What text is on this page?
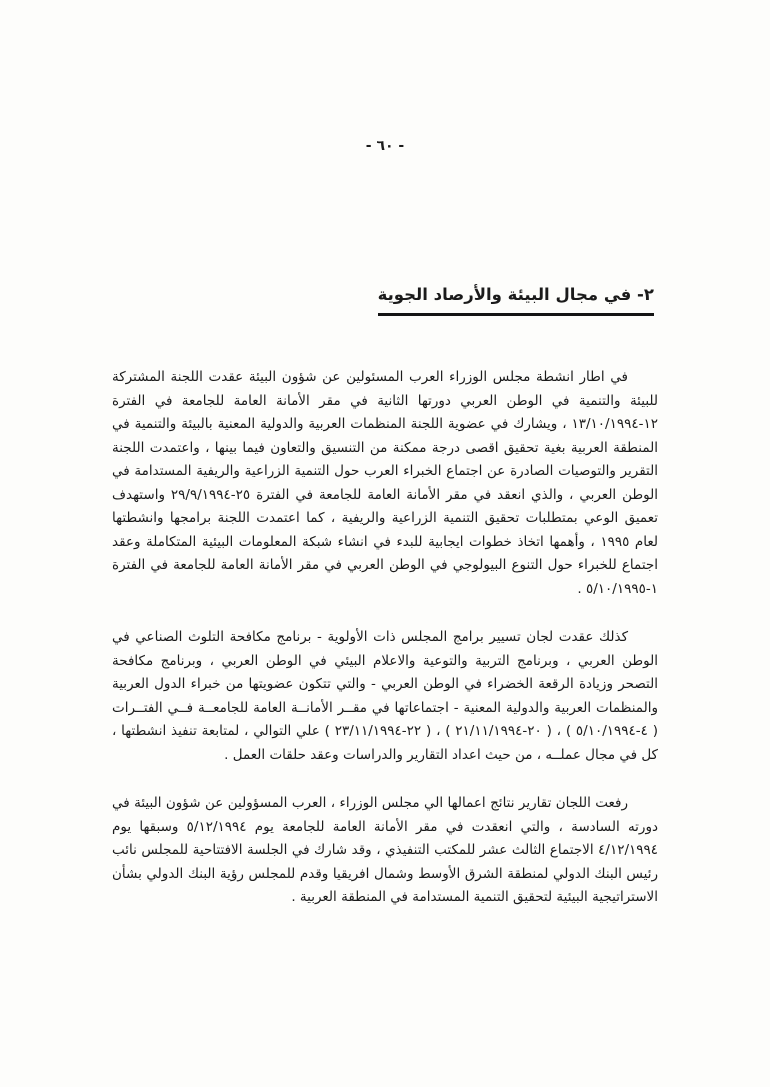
- ٦٠ -
٢- في مجال البيئة والأرصاد الجوية

في اطار انشطة مجلس الوزراء العرب المسئولين عن شؤون البيئة عقدت اللجنة المشتركة للبيئة والتنمية في الوطن العربي دورتها الثانية في مقر الأمانة العامة للجامعة في الفترة ١٢-١٣/١٠/١٩٩٤ ، ويشارك في عضوية اللجنة المنظمات العربية والدولية المعنية بالبيئة والتنمية في المنطقة العربية بغية تحقيق اقصى درجة ممكنة من التنسيق والتعاون فيما بينها ، واعتمدت اللجنة التقرير والتوصيات الصادرة عن اجتماع الخبراء العرب حول التنمية الزراعية والريفية المستدامة في الوطن العربي ، والذي انعقد في مقر الأمانة العامة للجامعة في الفترة ٢٥-٢٩/٩/١٩٩٤ واستهدف تعميق الوعي بمتطلبات تحقيق التنمية الزراعية والريفية ، كما اعتمدت اللجنة برامجها وانشطتها لعام ١٩٩٥ ، وأهمها اتخاذ خطوات ايجابية للبدء في انشاء شبكة المعلومات البيئية المتكاملة وعقد اجتماع للخبراء حول التنوع البيولوجي في الوطن العربي في مقر الأمانة العامة للجامعة في الفترة ١-٥/١٠/١٩٩٥ .

كذلك عقدت لجان تسيير برامج المجلس ذات الأولوية - برنامج مكافحة التلوث الصناعي في الوطن العربي ، وبرنامج التربية والتوعية والاعلام البيئي في الوطن العربي ، وبرنامج مكافحة التصحر وزيادة الرقعة الخضراء في الوطن العربي - والتي تتكون عضويتها من خبراء الدول العربية والمنظمات العربية والدولية المعنية - اجتماعاتها في مقــر الأمانــة العامة للجامعــة فــي الفتــرات ( ٤-٥/١٠/١٩٩٤ ) ، ( ٢٠-٢١/١١/١٩٩٤ ) ، ( ٢٢-٢٣/١١/١٩٩٤ ) علي التوالي ، لمتابعة تنفيذ انشطتها ، كل في مجال عملــه ، من حيث اعداد التقارير والدراسات وعقد حلقات العمل .

رفعت اللجان تقارير نتائج اعمالها الي مجلس الوزراء ، العرب المسؤولين عن شؤون البيئة في دورته السادسة ، والتي انعقدت في مقر الأمانة العامة للجامعة يوم ٥/١٢/١٩٩٤ وسبقها يوم ٤/١٢/١٩٩٤ الاجتماع الثالث عشر للمكتب التنفيذي ، وقد شارك في الجلسة الافتتاحية للمجلس نائب رئيس البنك الدولي لمنطقة الشرق الأوسط وشمال افريقيا وقدم للمجلس رؤية البنك الدولي بشأن الاستراتيجية البيئية لتحقيق التنمية المستدامة في المنطقة العربية .
